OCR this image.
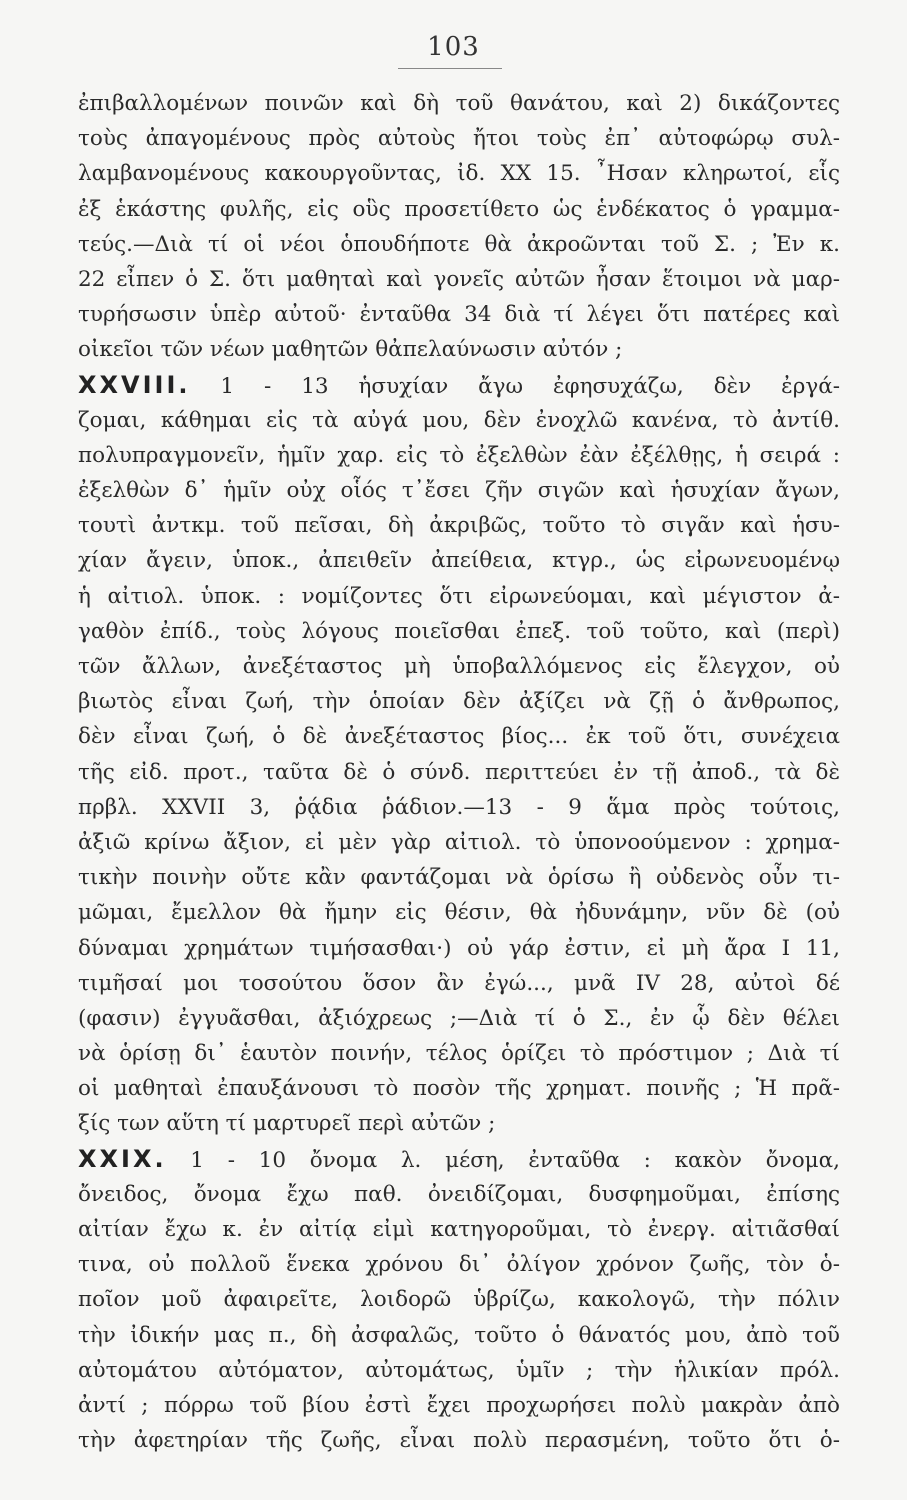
103
ἐπιβαλλομένων ποινῶν καὶ δὴ τοῦ θανάτου, καὶ 2) δικάζοντες
τοὺς ἀπαγομένους πρὸς αὐτοὺς ἤτοι τοὺς ἐπ᾽ αὐτοφώρῳ συλ-
λαμβανομένους κακουργοῦντας, ἰδ. XX 15. ῏Ησαν κληρωτοί, εἷς
ἐξ ἑκάστης φυλῆς, εἰς οὓς προσετίθετο ὡς ἑνδέκατος ὁ γραμμα-
τεύς.—Διὰ τί οἱ νέοι ὁπουδήποτε θὰ ἀκροῶνται τοῦ Σ. ; Ἐν κ.
22 εἶπεν ὁ Σ. ὅτι μαθηταὶ καὶ γονεῖς αὐτῶν ἦσαν ἕτοιμοι νὰ μαρ-
τυρήσωσιν ὑπὲρ αὐτοῦ· ἐνταῦθα 34 διὰ τί λέγει ὅτι πατέρες καὶ
οἰκεῖοι τῶν νέων μαθητῶν θἀπελαύνωσιν αὐτόν ;
XXVIII. 1 - 13 ἡσυχίαν ἄγω ἐφησυχάζω, δὲν ἐργά-
ζομαι, κάθημαι εἰς τὰ αὐγά μου, δὲν ἐνοχλῶ κανένα, τὸ ἀντίθ.
πολυπραγμονεῖν, ἡμῖν χαρ. εἰς τὸ ἐξελθὼν ἐὰν ἐξέλθῃς, ἡ σειρά :
ἐξελθὼν δ᾽ ἡμῖν οὐχ οἷός τ᾽ἔσει ζῆν σιγῶν καὶ ἡσυχίαν ἄγων,
τουτὶ ἀντκμ. τοῦ πεῖσαι, δὴ ἀκριβῶς, τοῦτο τὸ σιγᾶν καὶ ἡσυ-
χίαν ἄγειν, ὑποκ., ἀπειθεῖν ἀπείθεια, κτγρ., ὡς εἰρωνευομένῳ
ἡ αἰτιολ. ὑποκ. : νομίζοντες ὅτι εἰρωνεύομαι, καὶ μέγιστον ἀ-
γαθὸν ἐπίδ., τοὺς λόγους ποιεῖσθαι ἐπεξ. τοῦ τοῦτο, καὶ (περὶ)
τῶν ἄλλων, ἀνεξέταστος μὴ ὑποβαλλόμενος εἰς ἔλεγχον, οὐ
βιωτὸς εἶναι ζωή, τὴν ὁποίαν δὲν ἀξίζει νὰ ζῇ ὁ ἄνθρωπος,
δὲν εἶναι ζωή, ὁ δὲ ἀνεξέταστος βίος... ἐκ τοῦ ὅτι, συνέχεια
τῆς εἰδ. προτ., ταῦτα δὲ ὁ σύνδ. περιττεύει ἐν τῇ ἀποδ., τὰ δὲ
πρβλ. XXVII 3, ῥᾴδια ῥάδιον.—13 - 9 ἅμα πρὸς τούτοις,
ἀξιῶ κρίνω ἄξιον, εἰ μὲν γὰρ αἰτιολ. τὸ ὑπονοούμενον : χρημα-
τικὴν ποινὴν οὔτε κἂν φαντάζομαι νὰ ὁρίσω ἢ οὐδενὸς οὖν τι-
μῶμαι, ἔμελλον θὰ ἤμην εἰς θέσιν, θὰ ἠδυνάμην, νῦν δὲ (οὐ
δύναμαι χρημάτων τιμήσασθαι·) οὐ γάρ ἐστιν, εἰ μὴ ἄρα I 11,
τιμῆσαί μοι τοσούτου ὅσον ἂν ἐγώ..., μνᾶ IV 28, αὐτοὶ δέ
(φασιν) ἐγγυᾶσθαι, ἀξιόχρεως ;—Διὰ τί ὁ Σ., ἐν ᾧ δὲν θέλει
νὰ ὁρίσῃ δι᾽ ἑαυτὸν ποινήν, τέλος ὁρίζει τὸ πρόστιμον ; Διὰ τί
οἱ μαθηταὶ ἐπαυξάνουσι τὸ ποσὸν τῆς χρηματ. ποινῆς ; Ἡ πρᾶ-
ξίς των αὕτη τί μαρτυρεῖ περὶ αὐτῶν ;
XXIX. 1 - 10 ὄνομα λ. μέση, ἐνταῦθα : κακὸν ὄνομα,
ὄνειδος, ὄνομα ἔχω παθ. ὀνειδίζομαι, δυσφημοῦμαι, ἐπίσης
αἰτίαν ἔχω κ. ἐν αἰτίᾳ εἰμὶ κατηγοροῦμαι, τὸ ἐνεργ. αἰτιᾶσθαί
τινα, οὐ πολλοῦ ἕνεκα χρόνου δι᾽ ὀλίγον χρόνον ζωῆς, τὸν ὁ-
ποῖον μοῦ ἀφαιρεῖτε, λοιδορῶ ὑβρίζω, κακολογῶ, τὴν πόλιν
τὴν ἰδικήν μας π., δὴ ἀσφαλῶς, τοῦτο ὁ θάνατός μου, ἀπὸ τοῦ
αὐτομάτου αὐτόματον, αὐτομάτως, ὑμῖν ; τὴν ἡλικίαν πρόλ.
ἀντί ; πόρρω τοῦ βίου ἐστὶ ἔχει προχωρήσει πολὺ μακρὰν ἀπὸ
τὴν ἀφετηρίαν τῆς ζωῆς, εἶναι πολὺ περασμένη, τοῦτο ὅτι ὁ-
